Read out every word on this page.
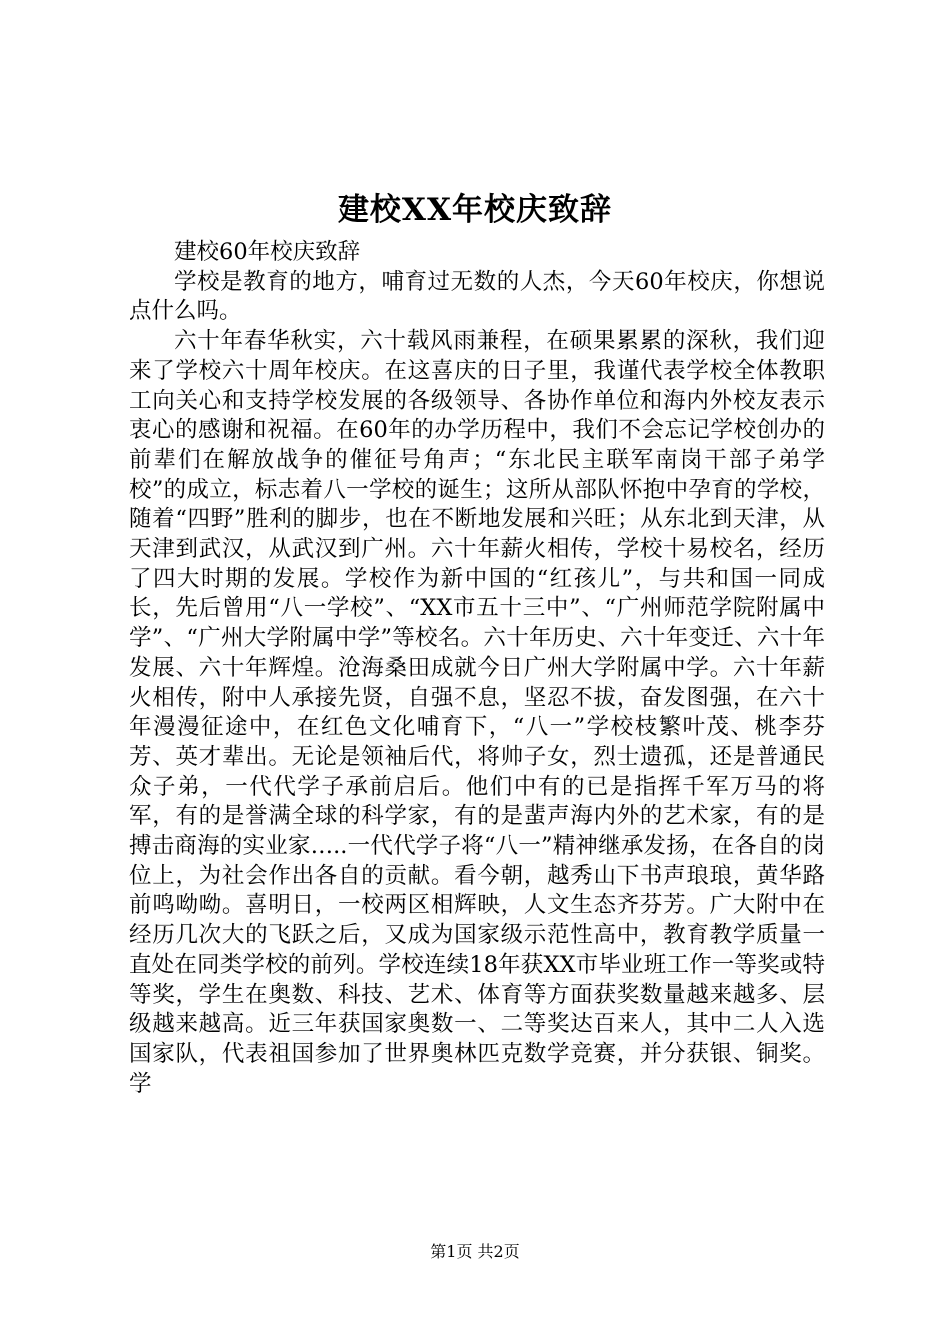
建校XX年校庆致辞

建校60年校庆致辞

学校是教育的地方，哺育过无数的人杰，今天60年校庆，你想说点什么吗。

六十年春华秋实，六十载风雨兼程，在硕果累累的深秋，我们迎来了学校六十周年校庆。在这喜庆的日子里，我谨代表学校全体教职工向关心和支持学校发展的各级领导、各协作单位和海内外校友表示衷心的感谢和祝福。在60年的办学历程中，我们不会忘记学校创办的前辈们在解放战争的催征号角声；“东北民主联军南岗干部子弟学校”的成立，标志着八一学校的诞生；这所从部队怀抱中孕育的学校，随着“四野”胜利的脚步，也在不断地发展和兴旺；从东北到天津，从天津到武汉，从武汉到广州。六十年薪火相传，学校十易校名，经历了四大时期的发展。学校作为新中国的“红孩儿”，与共和国一同成长，先后曾用“八一学校”、“XX市五十三中”、“广州师范学院附属中学”、“广州大学附属中学”等校名。六十年历史、六十年变迁、六十年发展、六十年辉煌。沧海桑田成就今日广州大学附属中学。六十年薪火相传，附中人承接先贤，自强不息，坚忍不拔，奋发图强，在六十年漫漫征途中，在红色文化哺育下，“八一”学校枝繁叶茂、桃李芬芳、英才辈出。无论是领袖后代，将帅子女，烈士遗孤，还是普通民众子弟，一代代学子承前启后。他们中有的已是指挥千军万马的将军，有的是誉满全球的科学家，有的是蜚声海内外的艺术家，有的是搏击商海的实业家…..一代代学子将“八一”精神继承发扬，在各自的岗位上，为社会作出各自的贡献。看今朝，越秀山下书声琅琅，黄华路前鸣呦呦。喜明日，一校两区相辉映，人文生态齐芬芳。广大附中在经历几次大的飞跃之后，又成为国家级示范性高中，教育教学质量一直处在同类学校的前列。学校连续18年获XX市毕业班工作一等奖或特等奖，学生在奥数、科技、艺术、体育等方面获奖数量越来越多、层级越来越高。近三年获国家奥数一、二等奖达百来人，其中二人入选国家队，代表祖国参加了世界奥林匹克数学竞赛，并分获银、铜奖。学

第1页 共2页
